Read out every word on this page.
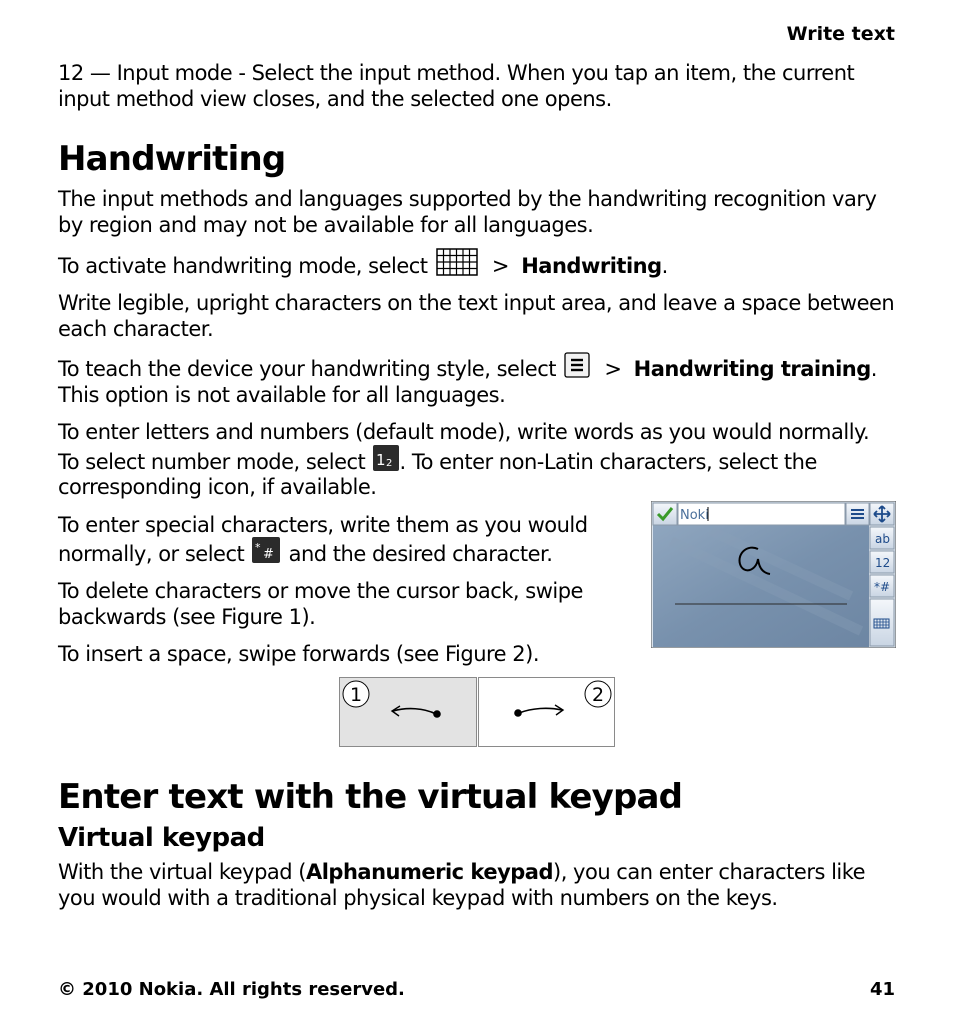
Write text
12 — Input mode - Select the input method. When you tap an item, the current input method view closes, and the selected one opens.
Handwriting
The input methods and languages supported by the handwriting recognition vary by region and may not be available for all languages.
To activate handwriting mode, select	> Handwriting.
Write legible, upright characters on the text input area, and leave a space between each character.
To teach the device your handwriting style, select > Handwriting training.
This option is not available for all languages.
To enter letters and numbers (default mode), write words as you would normally.
To select number mode, select 1 2 . To enter non-Latin characters, select the
corresponding icon, if available.
To enter special characters, write them as you would
normally, or select * # and the desired character.
To delete characters or move the cursor back, swipe backwards (see Figure 1).
To insert a space, swipe forwards (see Figure 2).
Noki
ab
12
*#
1	2
Enter text with the virtual keypad
Virtual keypad
With the virtual keypad (Alphanumeric keypad), you can enter characters like you would with a traditional physical keypad with numbers on the keys.
© 2010 Nokia. All rights reserved.	41
